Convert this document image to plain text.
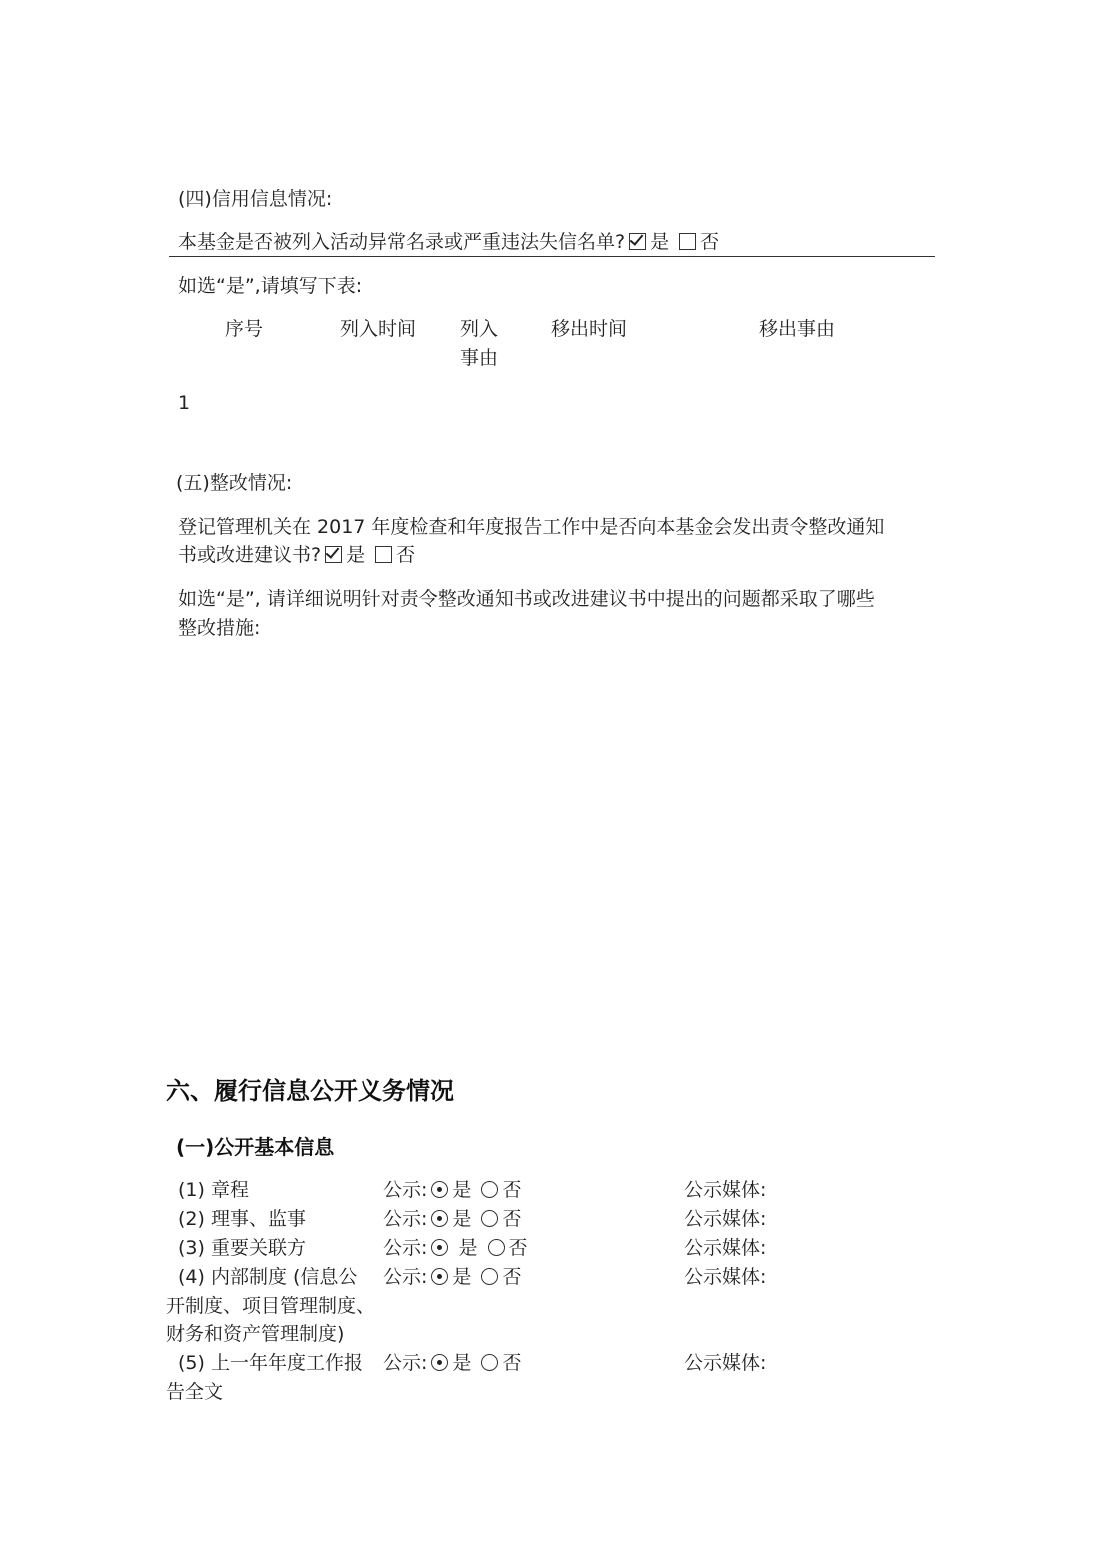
(四)信用信息情况:
本基金是否被列入活动异常名录或严重违法失信名单? 是 否
如选“是”,请填写下表:
序号	列入时间 列入
事由
移出时间	移出事由
1
(五)整改情况:
登记管理机关在 2017 年度检查和年度报告工作中是否向本基金会发出责令整改通知
书或改进建议书? 是 否
如选“是”, 请详细说明针对责令整改通知书或改进建议书中提出的问题都采取了哪些
整改措施:
六、履行信息公开义务情况
(一)公开基本信息
(1) 章程	公示: 是 否	公示媒体:
(2) 理事、监事	公示: 是 否	公示媒体:
(3) 重要关联方	公示: 是 否	公示媒体:
(4) 内部制度 (信息公
开制度、项目管理制度、
财务和资产管理制度)
公示: 是 否	公示媒体:
(5) 上一年年度工作报
告全文
公示: 是 否	公示媒体:
